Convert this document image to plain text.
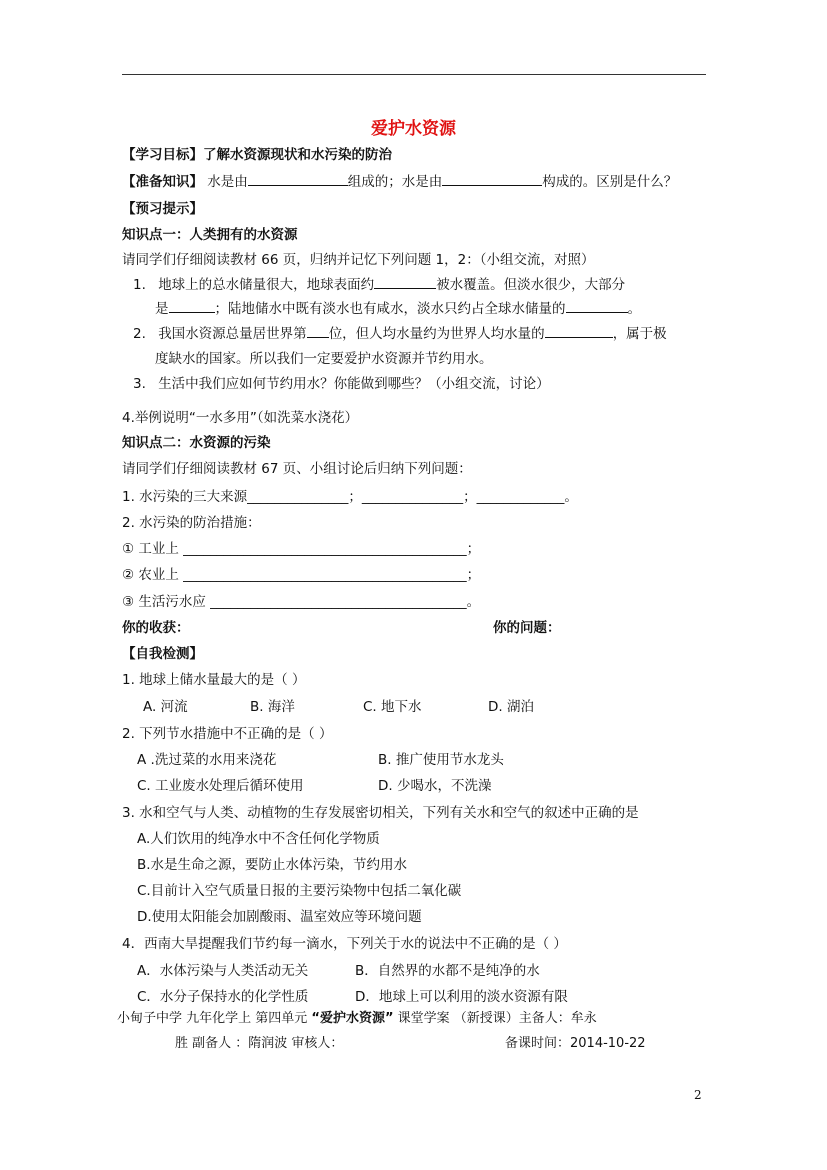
爱护水资源
【学习目标】了解水资源现状和水污染的防治
【准备知识】 水是由	组成的；水是由	构成的。区别是什么？
【预习提示】
知识点一：人类拥有的水资源
请同学们仔细阅读教材 66 页，归纳并记忆下列问题 1，2：（小组交流，对照）
1. 地球上的总水储量很大，地球表面约	被水覆盖。但淡水很少，大部分
是	；陆地储水中既有淡水也有咸水，淡水只约占全球水储量的	。
2. 我国水资源总量居世界第 位，但人均水量约为世界人均水量的	，属于极
度缺水的国家。所以我们一定要爱护水资源并节约用水。
3. 生活中我们应如何节约用水？你能做到哪些？（小组交流，讨论）
4.举例说明“一水多用”（如洗菜水浇花）
知识点二：水资源的污染
请同学们仔细阅读教材 67 页、小组讨论后归纳下列问题：
1. 水污染的三大来源_______________；_______________；_____________。
2. 水污染的防治措施：
① 工业上 __________________________________________；
② 农业上 __________________________________________；
③ 生活污水应 ______________________________________。
你的收获：	你的问题：
【自我检测】
1. 地球上储水量最大的是（ ）
A. 河流	B. 海洋	C. 地下水	D. 湖泊
2. 下列节水措施中不正确的是（ ）
A .洗过菜的水用来浇花	B. 推广使用节水龙头
C. 工业废水处理后循环使用	D. 少喝水，不洗澡
3. 水和空气与人类、动植物的生存发展密切相关，下列有关水和空气的叙述中正确的是
A.人们饮用的纯净水中不含任何化学物质
B.水是生命之源，要防止水体污染，节约用水
C.目前计入空气质量日报的主要污染物中包括二氧化碳
D.使用太阳能会加剧酸雨、温室效应等环境问题
4．西南大旱提醒我们节约每一滴水，下列关于水的说法中不正确的是（ ）
A．水体污染与人类活动无关	B．自然界的水都不是纯净的水
C．水分子保持水的化学性质	D．地球上可以利用的淡水资源有限
小甸子中学 九年化学上 第四单元 “爱护水资源” 课堂学案 （新授课）主备人：牟永
胜 副备人 ：隋润波 审核人：	备课时间：2014-10-22
2
